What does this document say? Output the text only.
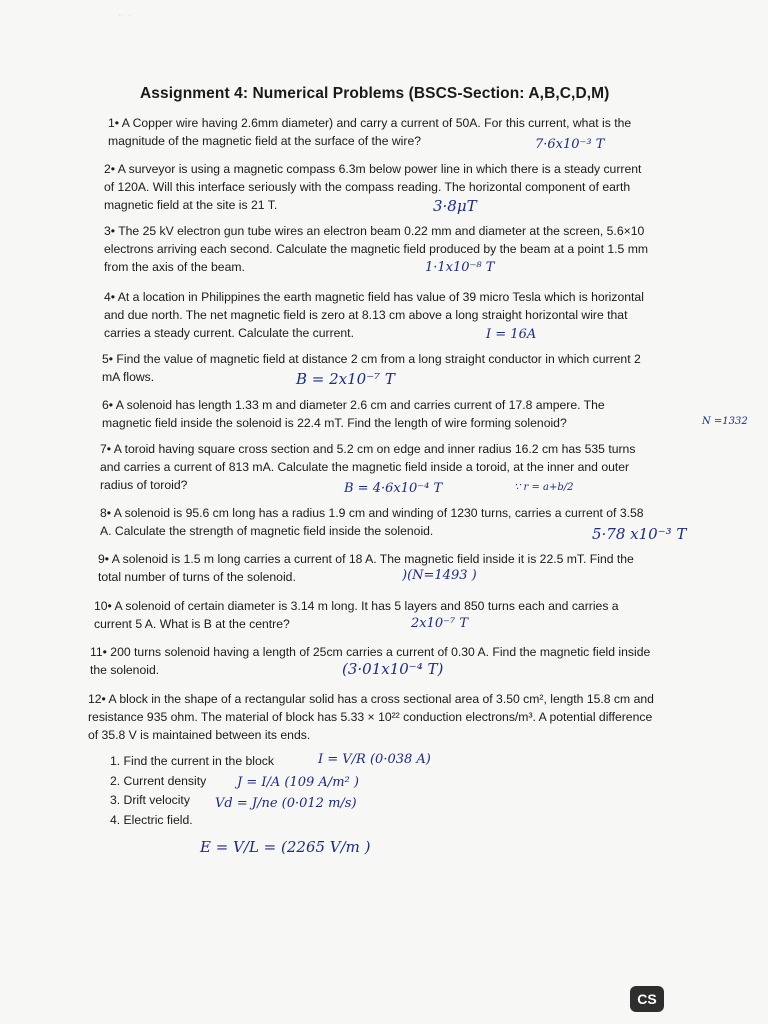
·· ·
Assignment 4: Numerical Problems (BSCS-Section: A,B,C,D,M)
1• A Copper wire having 2.6mm diameter) and carry a current of 50A. For this current, what is the magnitude of the magnetic field at the surface of the wire?
2• A surveyor is using a magnetic compass 6.3m below power line in which there is a steady current of 120A. Will this interface seriously with the compass reading. The horizontal component of earth magnetic field at the site is 21 T.
3• The 25 kV electron gun tube wires an electron beam 0.22 mm and diameter at the screen, 5.6×10 electrons arriving each second. Calculate the magnetic field produced by the beam at a point 1.5 mm from the axis of the beam.
4• At a location in Philippines the earth magnetic field has value of 39 micro Tesla which is horizontal and due north. The net magnetic field is zero at 8.13 cm above a long straight horizontal wire that carries a steady current. Calculate the current.
5• Find the value of magnetic field at distance 2 cm from a long straight conductor in which current 2 mA flows.
6• A solenoid has length 1.33 m and diameter 2.6 cm and carries current of 17.8 ampere. The magnetic field inside the solenoid is 22.4 mT. Find the length of wire forming solenoid?
7• A toroid having square cross section and 5.2 cm on edge and inner radius 16.2 cm has 535 turns and carries a current of 813 mA. Calculate the magnetic field inside a toroid, at the inner and outer radius of toroid?
8• A solenoid is 95.6 cm long has a radius 1.9 cm and winding of 1230 turns, carries a current of 3.58 A. Calculate the strength of magnetic field inside the solenoid.
9• A solenoid is 1.5 m long carries a current of 18 A. The magnetic field inside it is 22.5 mT. Find the total number of turns of the solenoid.
10• A solenoid of certain diameter is 3.14 m long. It has 5 layers and 850 turns each and carries a current 5 A. What is B at the centre?
11• 200 turns solenoid having a length of 25cm carries a current of 0.30 A. Find the magnetic field inside the solenoid.
12• A block in the shape of a rectangular solid has a cross sectional area of 3.50 cm², length 15.8 cm and resistance 935 ohm. The material of block has 5.33 × 10²² conduction electrons/m³. A potential difference of 35.8 V is maintained between its ends.
1. Find the current in the block
2. Current density
3. Drift velocity
4. Electric field.
7·6x10⁻³ T
3·8μT
1·1x10⁻⁸ T
I = 16A
B = 2x10⁻⁷ T
N =1332
B = 4·6x10⁻⁴ T	∵ r = a+b/2
5·78 x10⁻³ T
)(N=1493 )
2x10⁻⁷ T
(3·01x10⁻⁴ T)
I = V/R (0·038 A)
J = I/A (109 A/m² )
Vd = J/ne (0·012 m/s)
E = V/L = (2265 V/m )
CS
